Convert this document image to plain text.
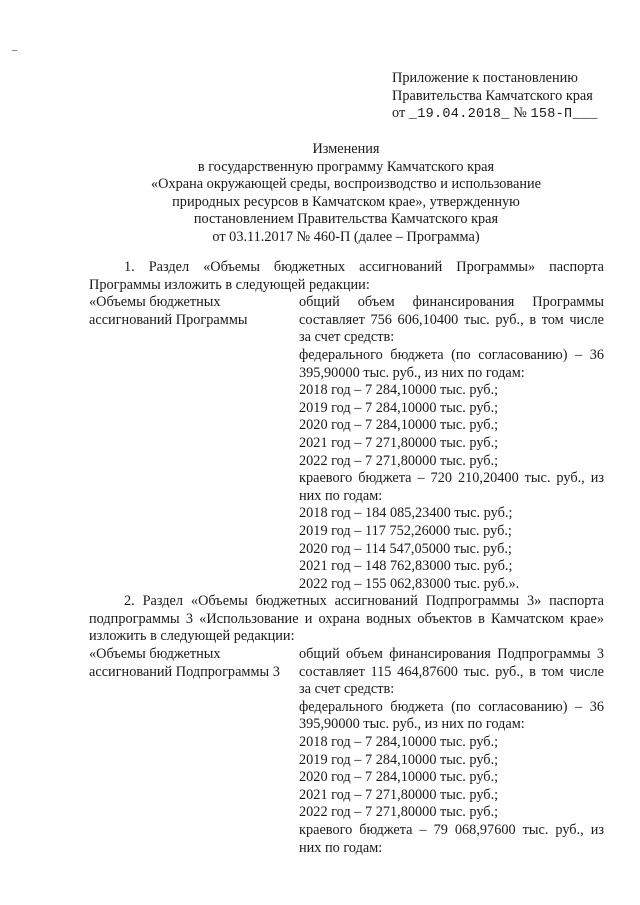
Приложение к постановлению
Правительства Камчатского края
от _19.04.2018_ № 158-П___
Изменения
в государственную программу Камчатского края
«Охрана окружающей среды, воспроизводство и использование
природных ресурсов в Камчатском крае», утвержденную
постановлением Правительства Камчатского края
от 03.11.2017 № 460-П (далее – Программа)
1. Раздел «Объемы бюджетных ассигнований Программы» паспорта Программы изложить в следующей редакции:
«Объемы бюджетных ассигнований Программы
общий объем финансирования Программы составляет 756 606,10400 тыс. руб., в том числе за счет средств:
федерального бюджета (по согласованию) – 36 395,90000 тыс. руб., из них по годам:
2018 год – 7 284,10000 тыс. руб.;
2019 год – 7 284,10000 тыс. руб.;
2020 год – 7 284,10000 тыс. руб.;
2021 год – 7 271,80000 тыс. руб.;
2022 год – 7 271,80000 тыс. руб.;
краевого бюджета – 720 210,20400 тыс. руб., из них по годам:
2018 год – 184 085,23400 тыс. руб.;
2019 год – 117 752,26000 тыс. руб.;
2020 год – 114 547,05000 тыс. руб.;
2021 год – 148 762,83000 тыс. руб.;
2022 год – 155 062,83000 тыс. руб.».
2. Раздел «Объемы бюджетных ассигнований Подпрограммы 3» паспорта подпрограммы 3 «Использование и охрана водных объектов в Камчатском крае» изложить в следующей редакции:
«Объемы бюджетных ассигнований Подпрограммы 3
общий объем финансирования Подпрограммы 3 составляет 115 464,87600 тыс. руб., в том числе за счет средств:
федерального бюджета (по согласованию) – 36 395,90000 тыс. руб., из них по годам:
2018 год – 7 284,10000 тыс. руб.;
2019 год – 7 284,10000 тыс. руб.;
2020 год – 7 284,10000 тыс. руб.;
2021 год – 7 271,80000 тыс. руб.;
2022 год – 7 271,80000 тыс. руб.;
краевого бюджета – 79 068,97600 тыс. руб., из них по годам:
